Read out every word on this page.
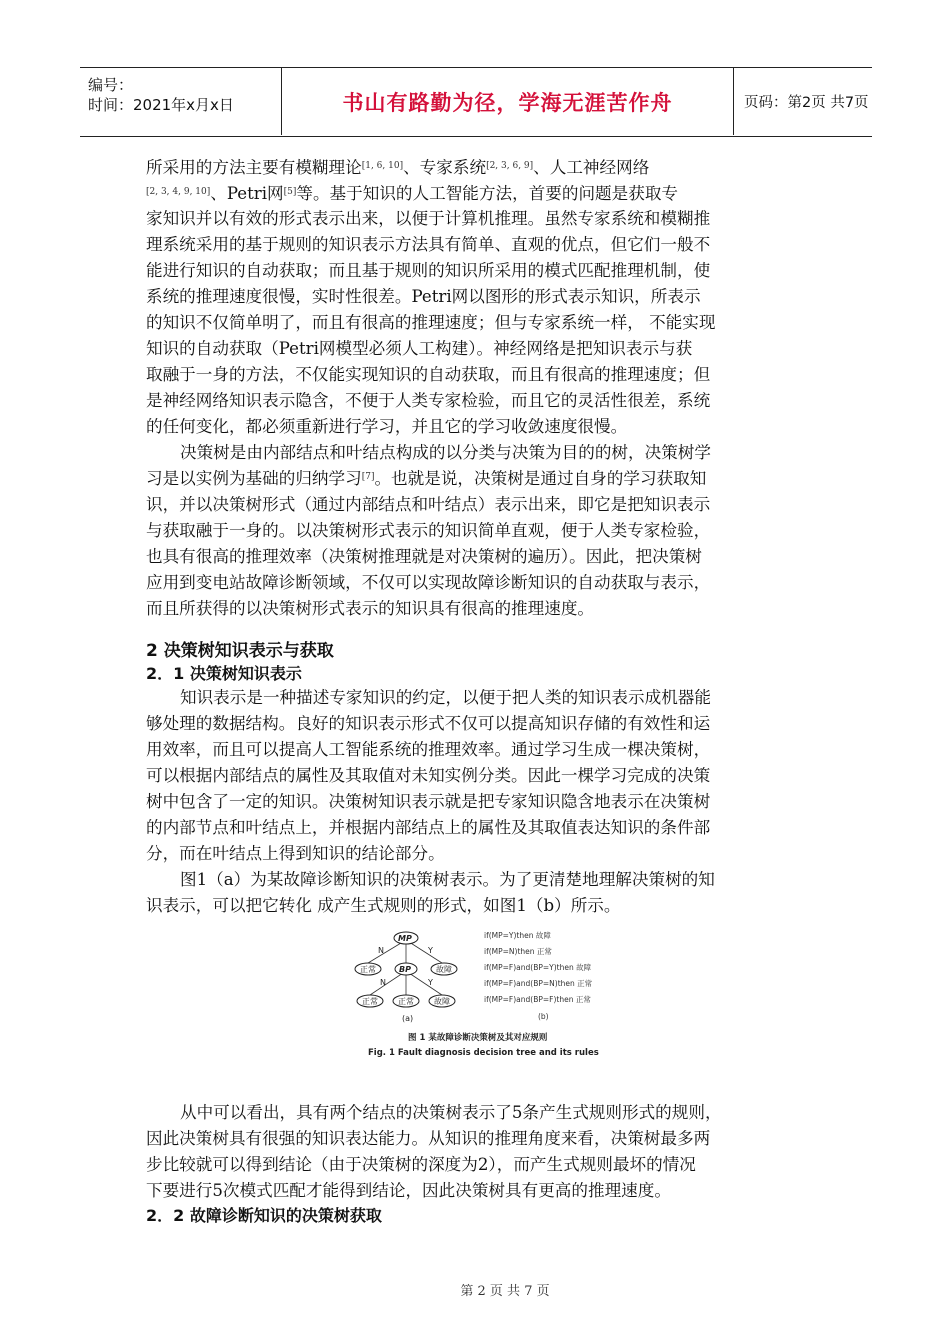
编号：
时间：2021年x月x日	书山有路勤为径，学海无涯苦作舟	页码：第2页 共7页
所采用的方法主要有模糊理论[1, 6, 10]、专家系统[2, 3, 6, 9]、人工神经网络
[2, 3, 4, 9, 10]、Petri网[5]等。基于知识的人工智能方法，首要的问题是获取专
家知识并以有效的形式表示出来，以便于计算机推理。虽然专家系统和模糊推
理系统采用的基于规则的知识表示方法具有简单、直观的优点，但它们一般不
能进行知识的自动获取；而且基于规则的知识所采用的模式匹配推理机制，使
系统的推理速度很慢，实时性很差。Petri网以图形的形式表示知识，所表示
的知识不仅简单明了，而且有很高的推理速度；但与专家系统一样， 不能实现
知识的自动获取（Petri网模型必须人工构建）。神经网络是把知识表示与获
取融于一身的方法，不仅能实现知识的自动获取，而且有很高的推理速度；但
是神经网络知识表示隐含，不便于人类专家检验，而且它的灵活性很差，系统
的任何变化，都必须重新进行学习，并且它的学习收敛速度很慢。
决策树是由内部结点和叶结点构成的以分类与决策为目的的树，决策树学
习是以实例为基础的归纳学习[7]。也就是说，决策树是通过自身的学习获取知
识，并以决策树形式（通过内部结点和叶结点）表示出来，即它是把知识表示
与获取融于一身的。以决策树形式表示的知识简单直观，便于人类专家检验，
也具有很高的推理效率（决策树推理就是对决策树的遍历）。因此，把决策树
应用到变电站故障诊断领域，不仅可以实现故障诊断知识的自动获取与表示，
而且所获得的以决策树形式表示的知识具有很高的推理速度。
2 决策树知识表示与获取
2．1 决策树知识表示
知识表示是一种描述专家知识的约定，以便于把人类的知识表示成机器能
够处理的数据结构。良好的知识表示形式不仅可以提高知识存储的有效性和运
用效率，而且可以提高人工智能系统的推理效率。通过学习生成一棵决策树，
可以根据内部结点的属性及其取值对未知实例分类。因此一棵学习完成的决策
树中包含了一定的知识。决策树知识表示就是把专家知识隐含地表示在决策树
的内部节点和叶结点上，并根据内部结点上的属性及其取值表达知识的条件部
分，而在叶结点上得到知识的结论部分。
图1（a）为某故障诊断知识的决策树表示。为了更清楚地理解决策树的知
识表示，可以把它转化 成产生式规则的形式，如图1（b）所示。
N	Y
N	Y
MP
正常	BP	故障
正常	正常	故障
(a)
if(MP=Y)then 故障
if(MP=N)then 正常
if(MP=F)and(BP=Y)then 故障
if(MP=F)and(BP=N)then 正常
if(MP=F)and(BP=F)then 正常
(b)
图 1 某故障诊断决策树及其对应规则
Fig. 1 Fault diagnosis decision tree and its rules
从中可以看出，具有两个结点的决策树表示了5条产生式规则形式的规则，
因此决策树具有很强的知识表达能力。从知识的推理角度来看，决策树最多两
步比较就可以得到结论（由于决策树的深度为2），而产生式规则最坏的情况
下要进行5次模式匹配才能得到结论，因此决策树具有更高的推理速度。
2．2 故障诊断知识的决策树获取
第 2 页 共 7 页
